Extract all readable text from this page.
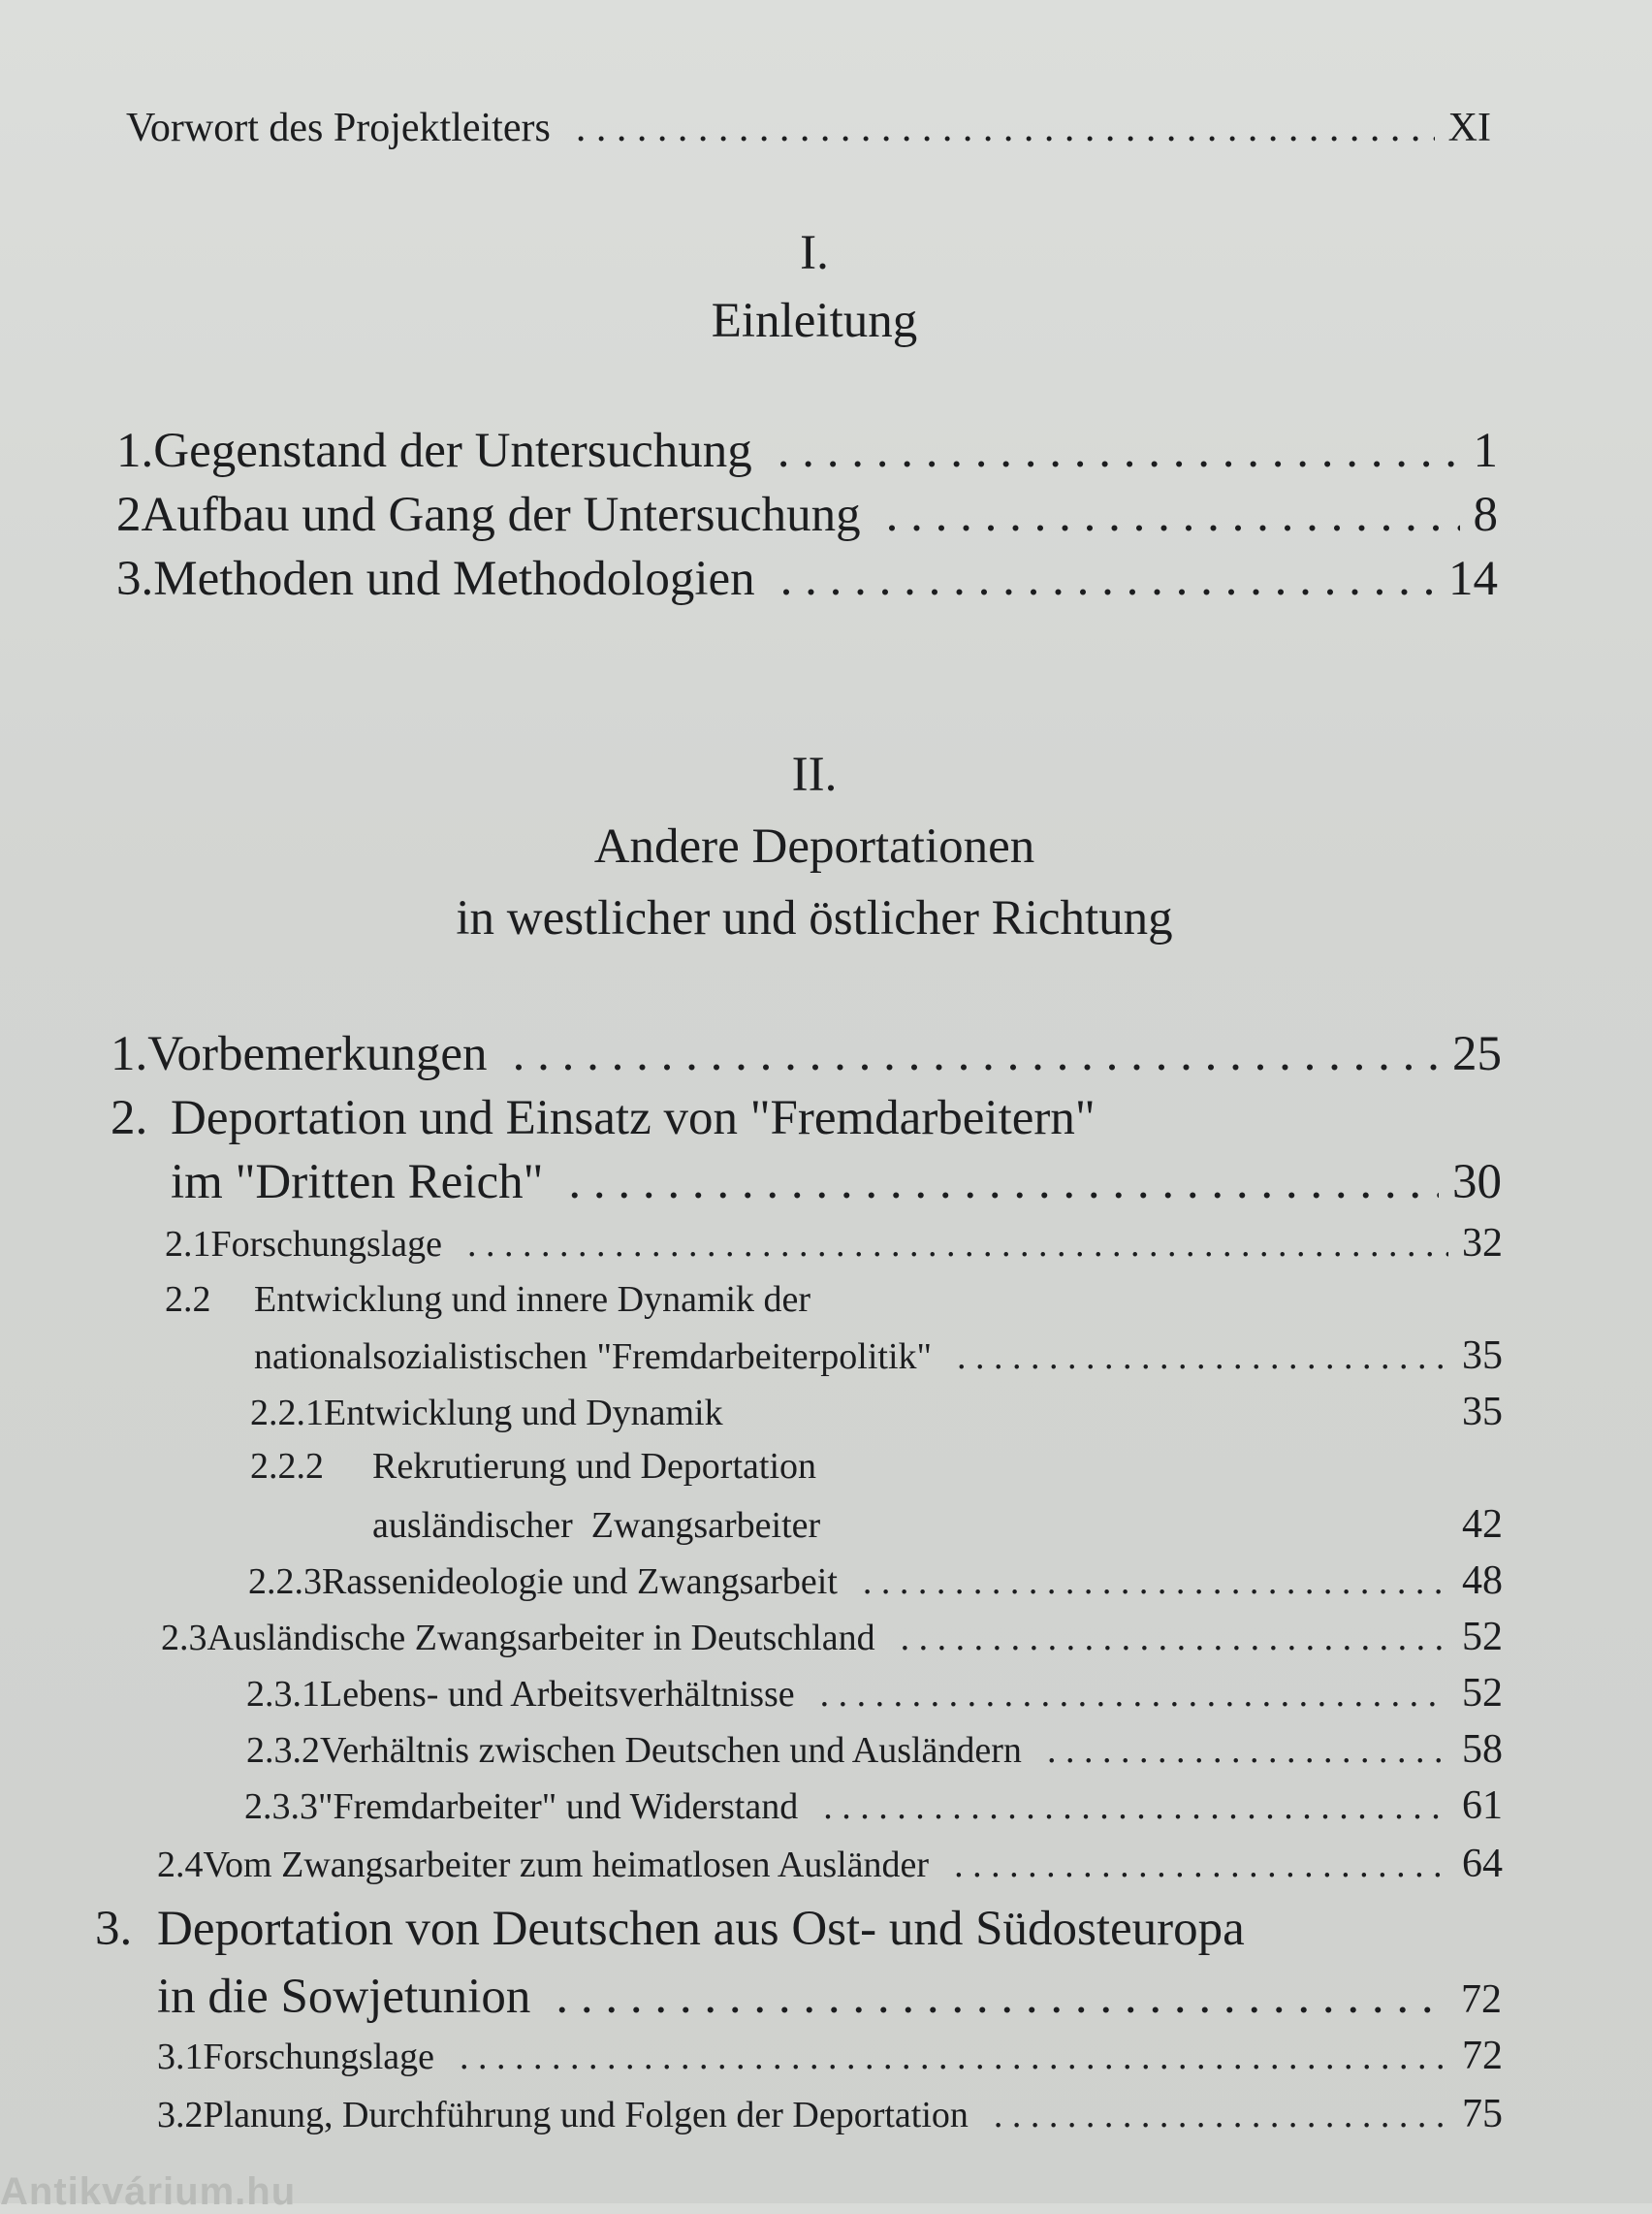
Vorwort des Projektleiters . . .	XI
I.
Einleitung
1. Gegenstand der Untersuchung . . .	1
2 Aufbau und Gang der Untersuchung . . .	8
3. Methoden und Methodologien . . .	14
II.
Andere Deportationen
in westlicher und östlicher Richtung
1. Vorbemerkungen . . .	25
2. Deportation und Einsatz von "Fremdarbeitern"
im "Dritten Reich" . . .	30
2.1 Forschungslage . . .	32
2.2 Entwicklung und innere Dynamik der
nationalsozialistischen "Fremdarbeiterpolitik" . . .	35
2.2.1 Entwicklung und Dynamik	35
2.2.2 Rekrutierung und Deportation
ausländischer  Zwangsarbeiter	42
2.2.3 Rassenideologie und Zwangsarbeit . . .	48
2.3 Ausländische Zwangsarbeiter in Deutschland . . .	52
2.3.1 Lebens- und Arbeitsverhältnisse . . .	52
2.3.2 Verhältnis zwischen Deutschen und Ausländern . . .	58
2.3.3 "Fremdarbeiter" und Widerstand . . .	61
2.4 Vom Zwangsarbeiter zum heimatlosen Ausländer . . .	64
3. Deportation von Deutschen aus Ost- und Südosteuropa
in die Sowjetunion . . .	72
3.1 Forschungslage . . .	72
3.2 Planung, Durchführung und Folgen der Deportation . . .	75
Antikvárium.hu
